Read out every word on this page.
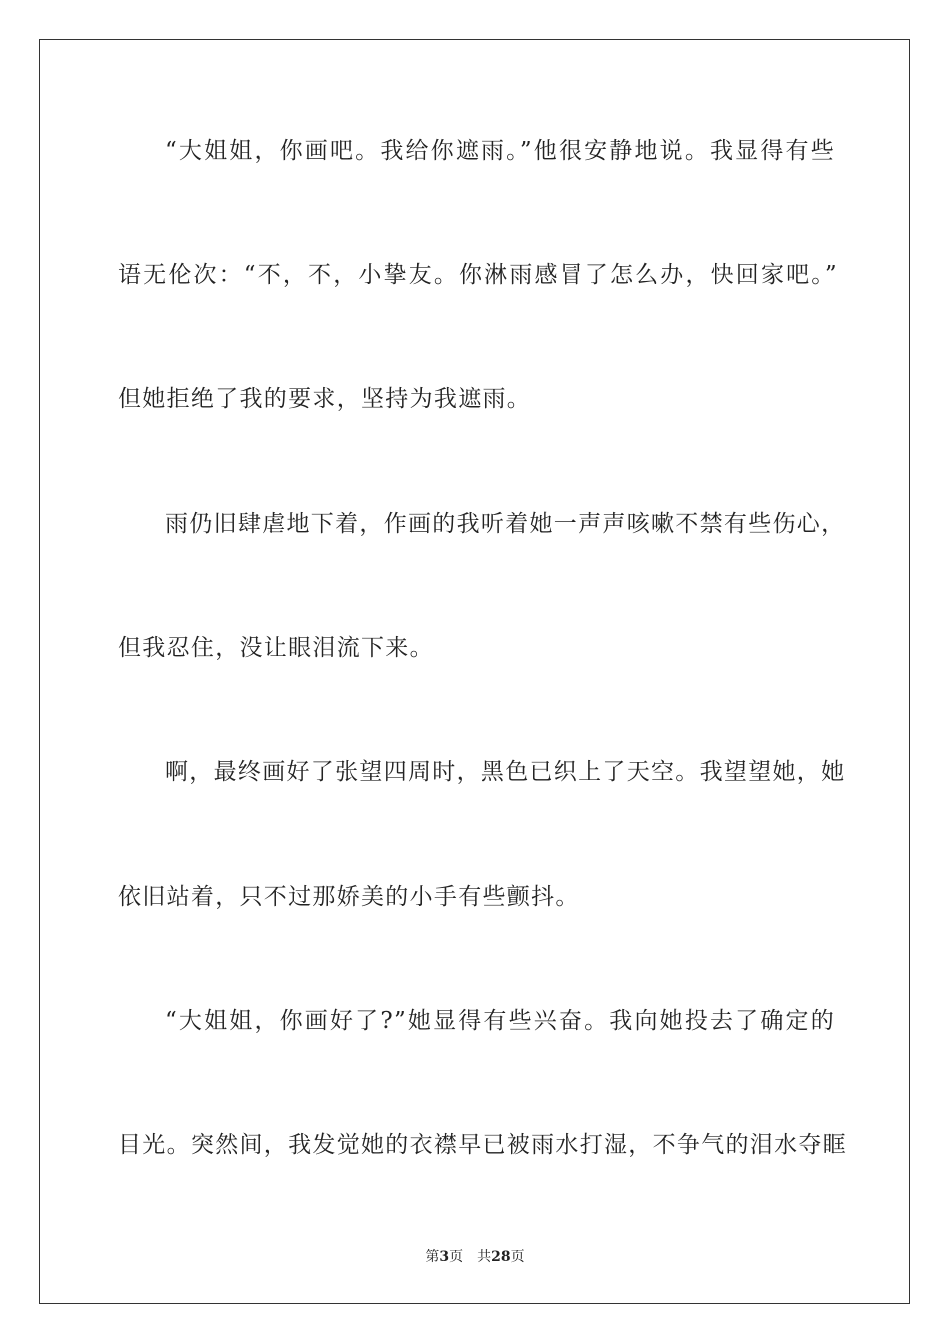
“大姐姐，你画吧。我给你遮雨。”他很安静地说。我显得有些
语无伦次：“不，不，小挚友。你淋雨感冒了怎么办，快回家吧。”
但她拒绝了我的要求，坚持为我遮雨。
雨仍旧肆虐地下着，作画的我听着她一声声咳嗽不禁有些伤心，
但我忍住，没让眼泪流下来。
啊，最终画好了张望四周时，黑色已织上了天空。我望望她，她
依旧站着，只不过那娇美的小手有些颤抖。
“大姐姐，你画好了?”她显得有些兴奋。我向她投去了确定的
目光。突然间，我发觉她的衣襟早已被雨水打湿，不争气的泪水夺眶
第3页 共28页
